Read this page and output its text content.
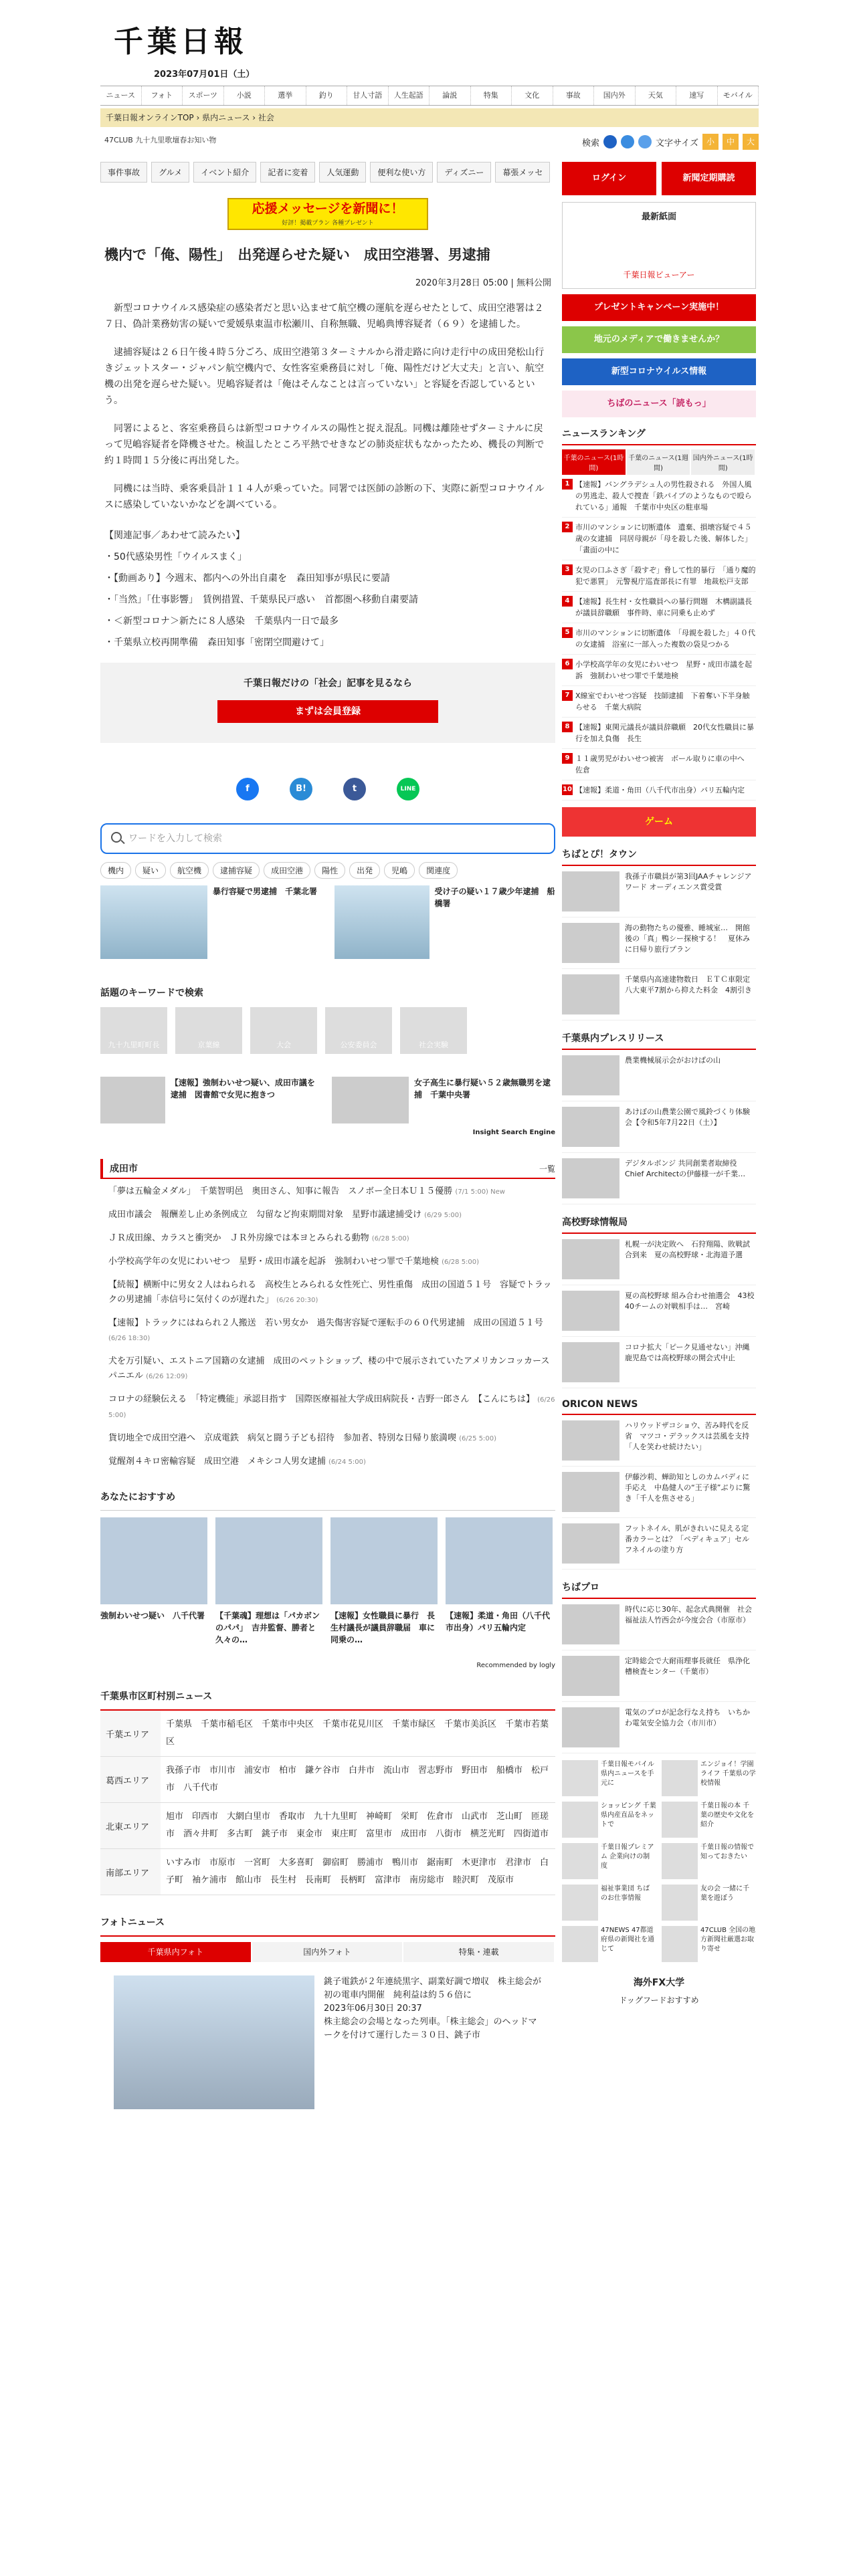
千葉日報
2023年07月01日（土）
ニュース	フォト	スポーツ	小説	選挙	釣り	甘人寸語	人生起語	論説	特集	文化	事故	国内外	天気	速写	モバイル
千葉日報オンラインTOP › 県内ニュース › 社会
47CLUB 九十九里歌壇春お知い物	検索	文字サイズ 小	中	大
事件事故	グルメ	イベント紹介	記者に変着	人気運動	便利な使い方	ディズニー	幕張メッセ
応援メッセージを新聞に！
好評！掲載プラン 各種プレゼント
機内で「俺、陽性」　出発遅らせた疑い　成田空港署、男逮捕
2020年3月28日 05:00 | 無料公開

新型コロナウイルス感染症の感染者だと思い込ませて航空機の運航を遅らせたとして、成田空港署は２７日、偽計業務妨害の疑いで愛媛県東温市松瀬川、自称無職、児嶋典博容疑者（６９）を逮捕した。

逮捕容疑は２６日午後４時５分ごろ、成田空港第３ターミナルから滑走路に向け走行中の成田発松山行きジェットスター・ジャパン航空機内で、女性客室乗務員に対し「俺、陽性だけど大丈夫」と言い、航空機の出発を遅らせた疑い。児嶋容疑者は「俺はそんなことは言っていない」と容疑を否認しているという。

同署によると、客室乗務員らは新型コロナウイルスの陽性と捉え混乱。同機は離陸せずターミナルに戻って児嶋容疑者を降機させた。検温したところ平熱でせきなどの肺炎症状もなかったため、機長の判断で約１時間１５分後に再出発した。

同機には当時、乗客乗員計１１４人が乗っていた。同署では医師の診断の下、実際に新型コロナウイルスに感染していないかなどを調べている。

【関連記事／あわせて読みたい】
・50代感染男性「ウイルスまく」
・【動画あり】今週末、都内への外出自粛を　森田知事が県民に要請
・「当然」「仕事影響」　賃例措置、千葉県民戸惑い　首都圏へ移動自粛要請
・＜新型コロナ＞新たに８人感染　千葉県内一日で最多
・千葉県立校再開準備　森田知事「密閉空間避けて」
千葉日報だけの「社会」記事を見るなら
まずは会員登録
f	B!	t	LINE
ワードを入力して検索
機内	疑い	航空機	逮捕容疑	成田空港	陽性	出発	児嶋	関連度
暴行容疑で男逮捕　千葉北署	受け子の疑い１７歳少年逮捕　船橋署
話題のキーワードで検索
九十九里町町長	京葉線	大会	公安委員会	社会実験
【速報】強制わいせつ疑い、成田市議を逮捕　図書館で女児に抱きつ
女子高生に暴行疑い５２歳無職男を逮捕　千葉中央署
Insight Search Engine
成田市	一覧
「夢は五輪金メダル」　千葉智明邑　奥田さん、知事に報告　スノボー全日本Ｕ１５優勝 (7/1 5:00) New
成田市議会　報酬差し止め条例成立　勾留など拘束期間対象　星野市議逮捕受け (6/29 5:00)
ＪＲ成田線、カラスと衝突か　ＪＲ外房線では本ヨとみられる動物 (6/28 5:00)
小学校高学年の女児にわいせつ　星野・成田市議を起訴　強制わいせつ罪で千葉地検 (6/28 5:00)
【続報】横断中に男女２人はねられる　高校生とみられる女性死亡、男性重傷　成田の国道５１号　容疑でトラックの男逮捕「赤信号に気付くのが遅れた」 (6/26 20:30)
【速報】トラックにはねられ２人搬送　若い男女か　過失傷害容疑で運転手の６０代男逮捕　成田の国道５１号 (6/26 18:30)
犬を万引疑い、エストニア国籍の女逮捕　成田のペットショップ、楼の中で展示されていたアメリカンコッカースパニエル (6/26 12:09)
コロナの経験伝える　「特定機能」承認目指す　国際医療福祉大学成田病院長・吉野一郎さん　【こんにちは】 (6/26 5:00)
貨切地全で成田空港へ　京成電鉄　病気と闘う子ども招待　参加者、特別な日帰り旅満喫 (6/25 5:00)
覚醒剤４キロ密輸容疑　成田空港　メキシコ人男女逮捕 (6/24 5:00)
あなたにおすすめ
強制わいせつ疑い　八千代署	【千葉魂】理想は「パカボンのパパ」　吉井監督、勝者と久々の…
【速報】女性職員に暴行　長生村議長が議員辞職届　車に同乗の…
【速報】柔道・角田（八千代市出身）パリ五輪内定
Recommended by logly
千葉県市区町村別ニュース
千葉エリア
千葉県　千葉市稲毛区　千葉市中央区　千葉市花見川区　千葉市緑区　千葉市美浜区　千葉市若葉区
葛西エリア
我孫子市　市川市　浦安市　柏市　鎌ケ谷市　白井市　流山市　習志野市　野田市　船橋市　松戸市　八千代市
北東エリア
旭市　印西市　大網白里市　香取市　九十九里町　神崎町　栄町　佐倉市　山武市　芝山町　匝瑳市　酒々井町　多古町　銚子市　東金市　東庄町　富里市　成田市　八街市　横芝光町　四街道市
南部エリア
いすみ市　市原市　一宮町　大多喜町　御宿町　勝浦市　鴨川市　鋸南町　木更津市　君津市　白子町　袖ケ浦市　館山市　長生村　長南町　長柄町　富津市　南房総市　睦沢町　茂原市
フォトニュース
千葉県内フォト	国内外フォト	特集・連載
銚子電鉄が２年連続黒字、副業好調で増収　株主総会が初の電車内開催　純利益は約５６倍に
2023年06月30日 20:37
株主総会の会場となった列車。「株主総会」のヘッドマークを付けて運行した＝３０日、銚子市
ログイン	新聞定期購読
最新紙面
千葉日報ビューアー
プレゼントキャンペーン実施中！
地元のメディアで働きませんか？
新型コロナウイルス情報
ちばのニュース「読もっ」
ニュースランキング
千葉のニュース(1時間)
千葉のニュース(1週間)
国内外ニュース(1時間)
1 【速報】バングラデシュ人の男性殺される　外国人風の男逃走、殺人で捜査「鉄パイプのようなもので殴られている」通報　千葉市中央区の駐車場
2 市川のマンションに切断遺体　遺棄、損壊容疑で４５歳の女逮捕　同居母親が「母を殺した後、解体した」「畫面の中に
3 女児の口ふさぎ「殺すぞ」脅して性的暴行　「通り魔的犯で悪質」　元警視庁巡査部長に有罪　地裁松戸支部
4 【速報】長生村・女性職員への暴行問題　木構副議長が議員辞職願　事件時、車に同乗も止めず
5 市川のマンションに切断遺体　「母親を殺した」４０代の女逮捕　浴室に一部入った複数の袋見つかる
6 小学校高学年の女児にわいせつ　星野・成田市議を起訴　強制わいせつ罪で千葉地検
7 X線室でわいせつ容疑　技師逮捕　下着奪い下半身触らせる　千葉大病院
8 【速報】東関元議長が議員辞職願　20代女性職員に暴行を加え負傷　長生
9 １１歳男児がわいせつ被害　ボール取りに車の中へ　佐倉
10 【速報】柔道・角田（八千代市出身）パリ五輪内定
ゲーム
ちばとぴ！タウン
我孫子市職員が第3回JAAチャレンジアワード オーディエンス賞受賞
海の動物たちの優雅、睡城室…　開館後の「真」鴨シー探検する！　夏休みに日帰り旅行プラン
千葉県内高速建物数日　ＥＴＣ車限定八大東平7割から抑えた料金　4割引き
千葉県内プレスリリース
農業機械展示会がおけばの山
あけぼの山農業公園で風鈴づくり体験会【令和5年7月22日（土）】
デジタルボンジ 共同創業者取締役 Chief Architectの伊藤様一が千業…
高校野球情報局
札幌一が決定敗へ　石狩翔陽、敗戦試合到来　夏の高校野球・北海道予選
夏の高校野球 組み合わせ抽選会　43校40チームの対戦相手は…　宮崎
コロナ拡大「ピーク見通せない」沖縄　鹿児島では高校野球の開会式中止
ORICON NEWS
ハリウッドザコショウ、苦み時代を反省　マツコ・デラックスは芸風を支持「人を笑わせ続けたい」
伊藤沙莉、蝉助知としのカムバディに手応え　中島健人の“王子様”ぶりに驚き「千人を焦させる」
フットネイル、肌がきれいに見える定番カラーとは？「ペディキュア」セルフネイルの塗り方
ちばプロ
時代に応じ30年、起念式典開催　社会福祉法人竹西会が今度会合（市原市）
定時総会で大耐雨理事長就任　県浄化槽検査センター（千葉市）
電気のプロが記念行なえ持ち　いちかわ電気安全協力会（市川市）
千葉日報モバイル 県内ニュースを手元に
エンジョイ！学園ライフ 千葉県の学校情報
ショッピング 千葉県内産直品をネットで
千葉日報の本 千葉の歴史や文化を紹介
千葉日報プレミアム 企業向けの制度
千葉日報の情報で 知っておきたい
福祉事業団 ちばのお仕事情報
友の会 一緒に千葉を遊ぼう
47NEWS 47都道府県の新聞社を通じて
47CLUB 全国の地方新聞社厳選お取り寄せ
海外FX大学
ドッグフードおすすめ
